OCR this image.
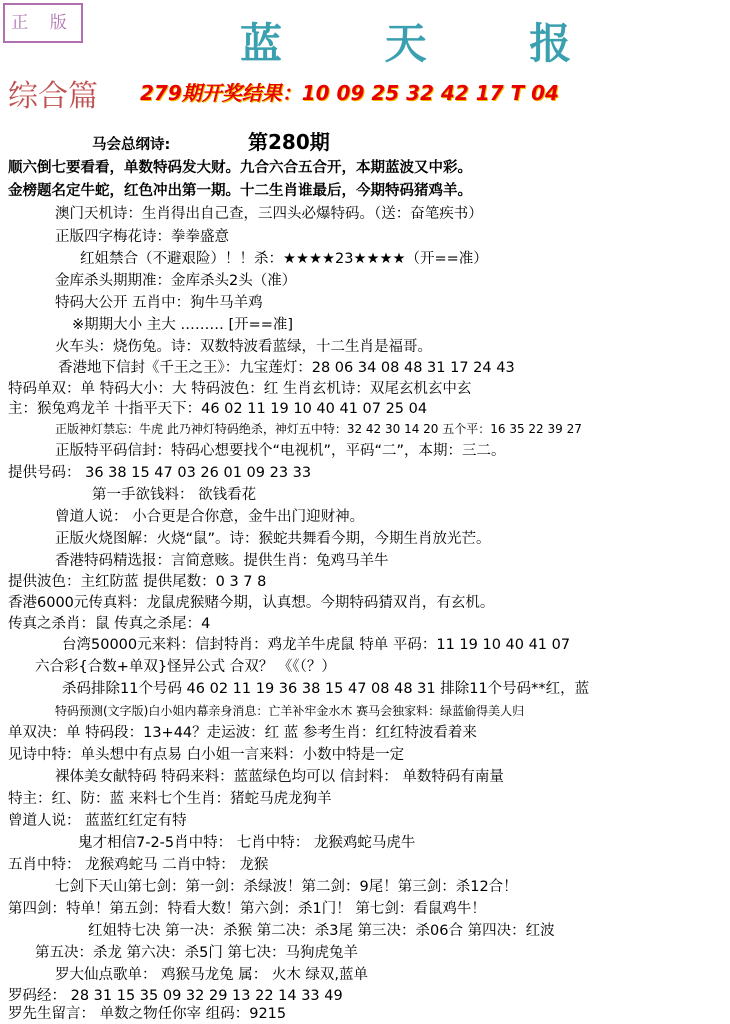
正 版	蓝 天 报
综合篇 279期开奖结果：10 09 25 32 42 17 T 04
第280期
马会总纲诗:
顺六倒七要看看，单数特码发大财。九合六合五合开，本期蓝波又中彩。
金榜题名定牛蛇，红色冲出第一期。十二生肖谁最后，今期特码猪鸡羊。
澳门天机诗：生肖得出自己查，三四头必爆特码。（送：奋笔疾书）
正版四字梅花诗：拳拳盛意
红姐禁合（不避艰险）！！杀：★★★★23★★★★（开==准）
金库杀头期期准：金库杀头2头（准）
特码大公开 五肖中：狗牛马羊鸡
※期期大小 主大 ……… [开==准]
火车头：烧伤兔。诗：双数特波看蓝绿，十二生肖是福哥。
香港地下信封《千王之王》：九宝莲灯：28 06 34 08 48 31 17 24 43
特码单双：单 特码大小：大 特码波色：红 生肖玄机诗：双尾玄机玄中玄
主：猴兔鸡龙羊 十指平天下：46 02 11 19 10 40 41 07 25 04
正版神灯禁忘：牛虎 此乃神灯特码绝杀，神灯五中特：32 42 30 14 20 五个平：16 35 22 39 27
正版特平码信封：特码心想要找个“电视机”，平码“二”，本期：三二。
提供号码： 36 38 15 47 03 26 01 09 23 33
第一手欲钱料： 欲钱看花
曾道人说： 小合更是合你意，金牛出门迎财神。
正版火烧图解：火烧“鼠”。诗：猴蛇共舞看今期，今期生肖放光芒。
香港特码精选报：言简意赅。提供生肖：兔鸡马羊牛
提供波色：主红防蓝 提供尾数：0 3 7 8
香港6000元传真料：龙鼠虎猴赌今期，认真想。今期特码猜双肖，有玄机。
传真之杀肖：鼠 传真之杀尾：4
台湾50000元来料：信封特肖：鸡龙羊牛虎鼠 特单 平码：11 19 10 40 41 07
六合彩{合数+单双}怪异公式 合双？ 《《（？）
杀码排除11个号码 46 02 11 19 36 38 15 47 08 48 31 排除11个号码**红，蓝
特码预测(文字版)白小姐内幕亲身消息：亡羊补牢金水木 赛马会独家料：绿蓝偷得美人归
单双决：单 特码段：13+44？走运波：红 蓝 参考生肖：红红特波看着来
见诗中特：单头想中有点易 白小姐一言来料：小数中特是一定
裸体美女献特码 特码来料：蓝蓝绿色均可以 信封料： 单数特码有南量
特主：红、防：蓝 来料七个生肖：猪蛇马虎龙狗羊
曾道人说： 蓝蓝红红定有特
鬼才相信7-2-5肖中特： 七肖中特： 龙猴鸡蛇马虎牛
五肖中特： 龙猴鸡蛇马 二肖中特： 龙猴
七剑下天山第七剑：第一剑：杀绿波！第二剑：9尾！第三剑：杀12合！
第四剑：特单！第五剑：特看大数！第六剑：杀1门！ 第七剑：看鼠鸡牛！
红姐特七决 第一决：杀猴 第二决：杀3尾 第三决：杀06合 第四决：红波
第五决：杀龙 第六决：杀5门 第七决：马狗虎兔羊
罗大仙点歌单： 鸡猴马龙兔 属： 火木 绿双,蓝单
罗码经： 28 31 15 35 09 32 29 13 22 14 33 49
罗先生留言： 单数之物任你宰 组码：9215
